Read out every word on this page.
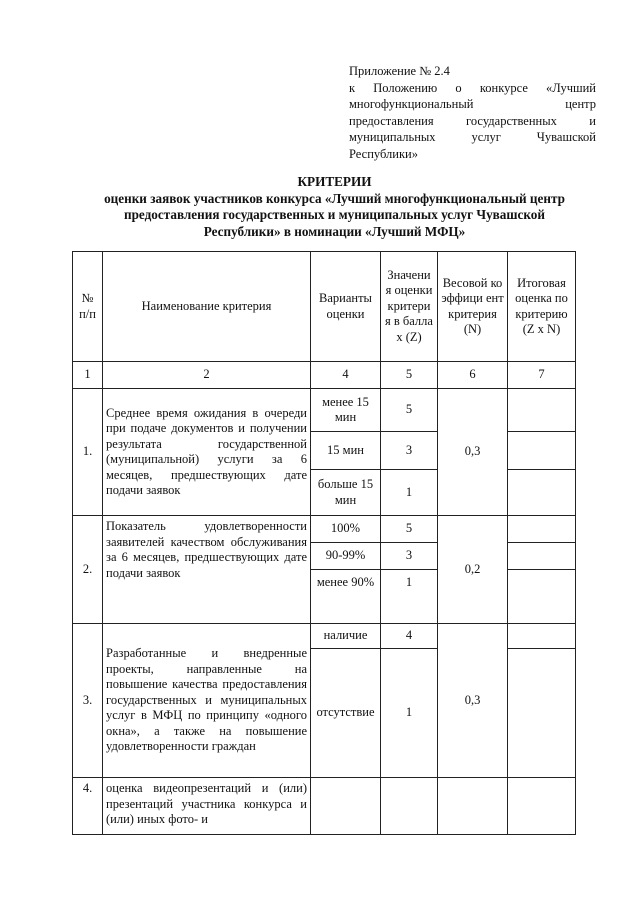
Приложение № 2.4
к Положению о конкурсе «Лучший
многофункциональный центр
предоставления государственных и
муниципальных услуг Чувашской
Республики»
КРИТЕРИИ
оценки заявок участников конкурса «Лучший многофункциональный центр
предоставления государственных и муниципальных услуг Чувашской
Республики» в номинации «Лучший МФЦ»
№ п/п	Наименование критерия	Варианты оценки	Значени я оценки критери я в баллах (Z)	Весовой коэффици ент критерия (N)	Итоговая оценка по критерию (Z x N)
1	2	4	5	6	7
1.	Среднее время ожидания в очереди при подаче документов и получении результата государственной (муниципальной) услуги за 6 месяцев, предшествующих дате подачи заявок	менее 15 мин	5	0,3	
		15 мин	3		
		больше 15 мин	1		
2.	Показатель удовлетворенности заявителей качеством обслуживания за 6 месяцев, предшествующих дате подачи заявок	100%	5	0,2	
		90-99%	3		
		менее 90%	1		
3.	Разработанные и внедренные проекты, направленные на повышение качества предоставления государственных и муниципальных услуг в МФЦ по принципу «одного окна», а также на повышение удовлетворенности граждан	наличие	4	0,3	
		отсутствие	1		
4.	оценка видеопрезентаций и (или) презентаций участника конкурса и (или) иных фото- и				
